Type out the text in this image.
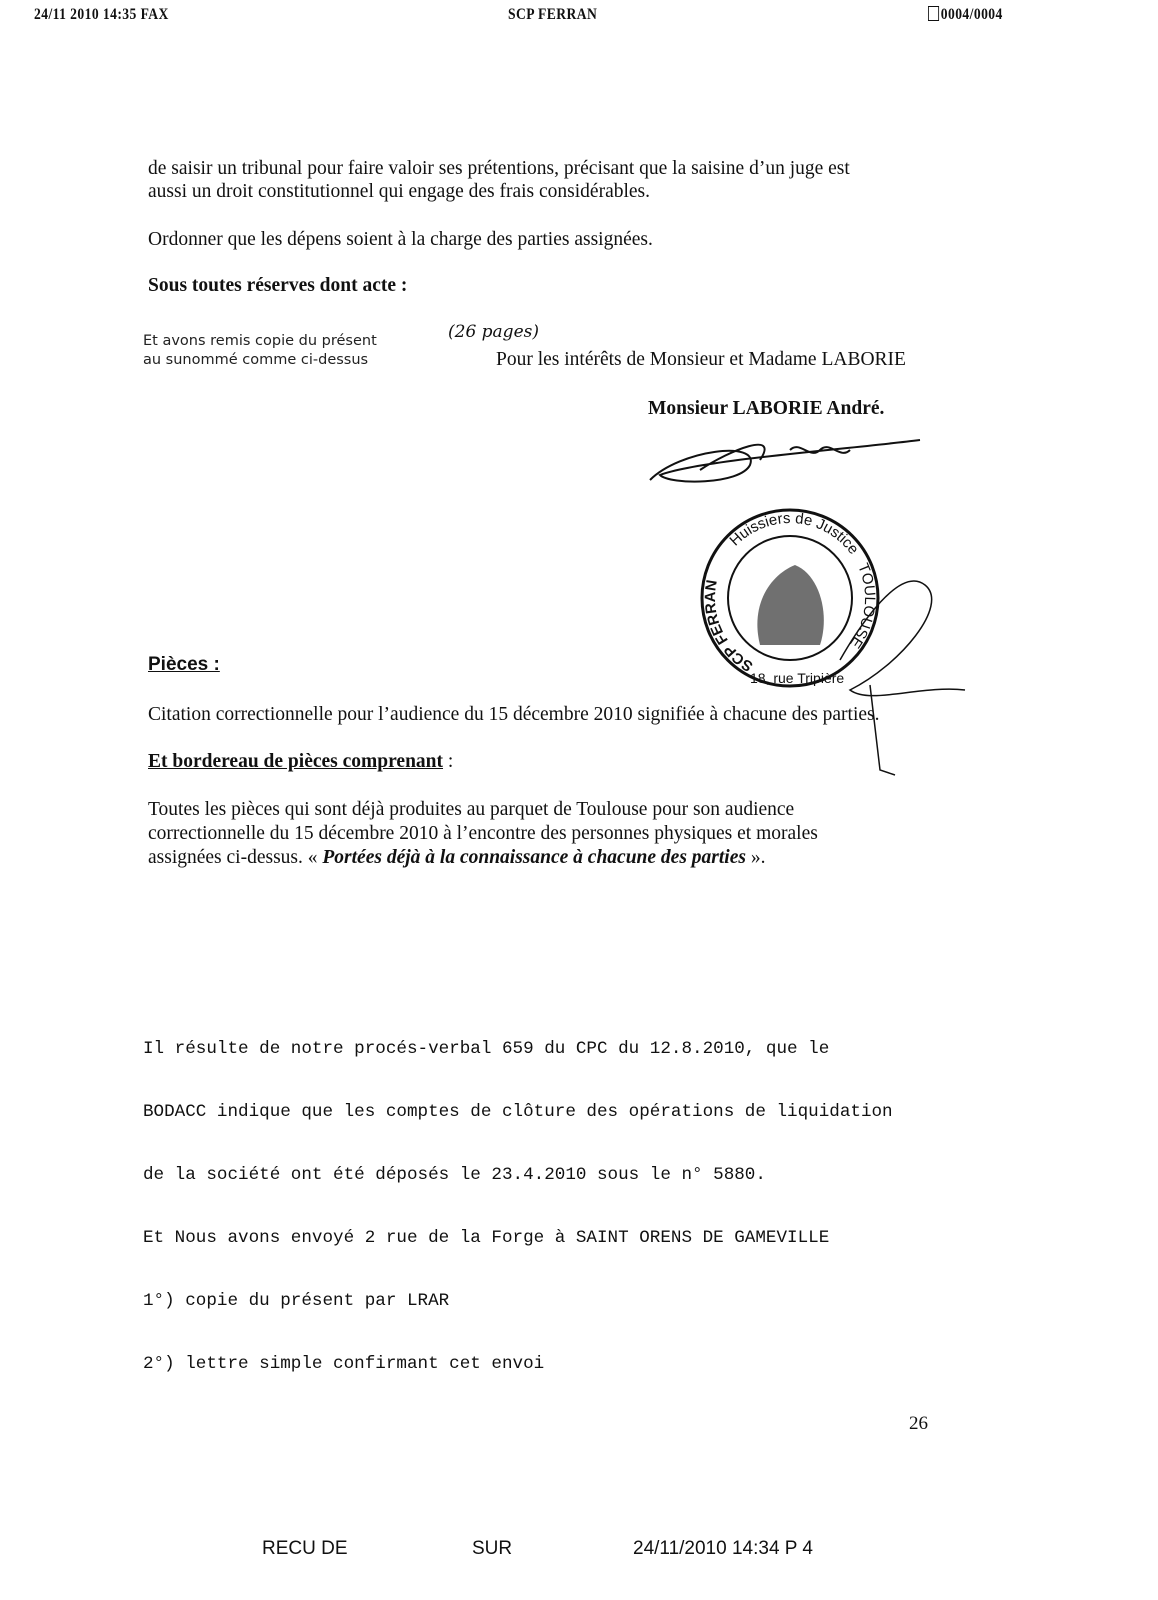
24/11 2010 14:35 FAX	SCP FERRAN	0004/0004
de saisir un tribunal pour faire valoir ses prétentions, précisant que la saisine d’un juge est
aussi un droit constitutionnel qui engage des frais considérables.
Ordonner que les dépens soient à la charge des parties assignées.
Sous toutes réserves dont acte :
Et avons remis copie du présent
au sunommé comme ci-dessus
(26 pages)
Pour les intérêts de Monsieur et Madame LABORIE
Monsieur LABORIE André.
SCP FERRAN
Huissiers de Justice
TOULOUSE
18, rue Tripière
Pièces :
Citation correctionnelle pour l’audience du 15 décembre 2010 signifiée à chacune des parties.
Et bordereau de pièces comprenant :
Toutes les pièces qui sont déjà produites au parquet de Toulouse pour son audience
correctionnelle du 15 décembre 2010 à l’encontre des personnes physiques et morales
assignées ci-dessus. « Portées déjà à la connaissance à chacune des parties ».

Il résulte de notre procés-verbal 659 du CPC du 12.8.2010, que le

BODACC indique que les comptes de clôture des opérations de liquidation

de la société ont été déposés le 23.4.2010 sous le n° 5880.

Et Nous avons envoyé 2 rue de la Forge à SAINT ORENS DE GAMEVILLE

1°) copie du présent par LRAR

2°) lettre simple confirmant cet envoi

26
RECU DE	SUR	24/11/2010 14:34 P 4
